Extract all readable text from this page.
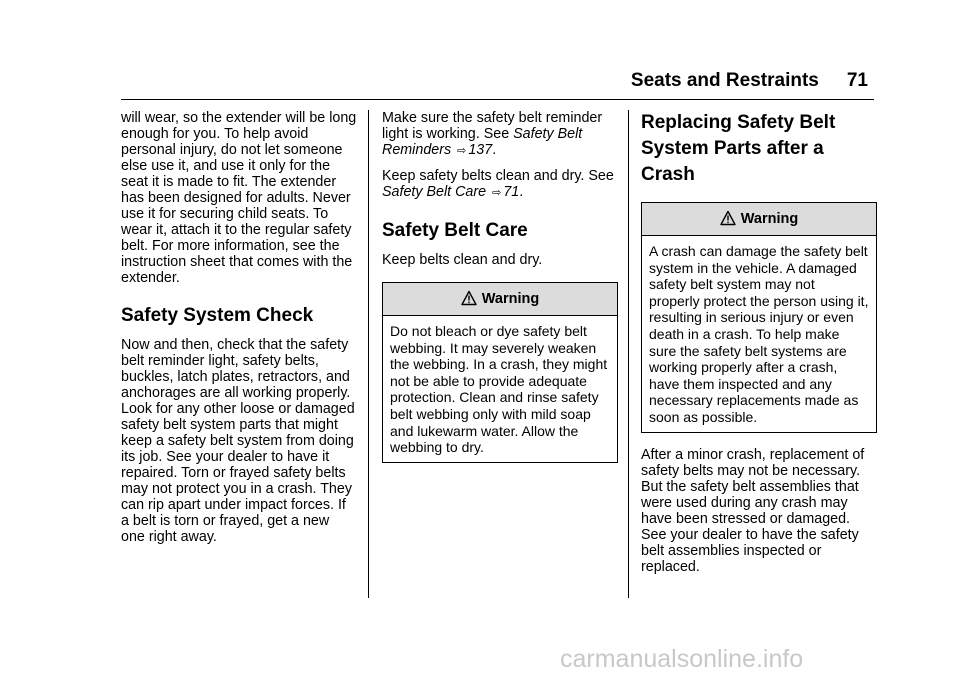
Seats and Restraints 71

will wear, so the extender will be long enough for you. To help avoid personal injury, do not let someone else use it, and use it only for the seat it is made to fit. The extender has been designed for adults. Never use it for securing child seats. To wear it, attach it to the regular safety belt. For more information, see the instruction sheet that comes with the extender.

Safety System Check

Now and then, check that the safety belt reminder light, safety belts, buckles, latch plates, retractors, and anchorages are all working properly. Look for any other loose or damaged safety belt system parts that might keep a safety belt system from doing its job. See your dealer to have it repaired. Torn or frayed safety belts may not protect you in a crash. They can rip apart under impact forces. If a belt is torn or frayed, get a new one right away.

Make sure the safety belt reminder light is working. See Safety Belt Reminders ⇨ 137.

Keep safety belts clean and dry. See Safety Belt Care ⇨ 71.

Safety Belt Care

Keep belts clean and dry.

Warning
Do not bleach or dye safety belt webbing. It may severely weaken the webbing. In a crash, they might not be able to provide adequate protection. Clean and rinse safety belt webbing only with mild soap and lukewarm water. Allow the webbing to dry.
Replacing Safety Belt System Parts after a Crash
Warning
A crash can damage the safety belt system in the vehicle. A damaged safety belt system may not properly protect the person using it, resulting in serious injury or even death in a crash. To help make sure the safety belt systems are working properly after a crash, have them inspected and any necessary replacements made as soon as possible.

After a minor crash, replacement of safety belts may not be necessary. But the safety belt assemblies that were used during any crash may have been stressed or damaged. See your dealer to have the safety belt assemblies inspected or replaced.

carmanualsonline.info
